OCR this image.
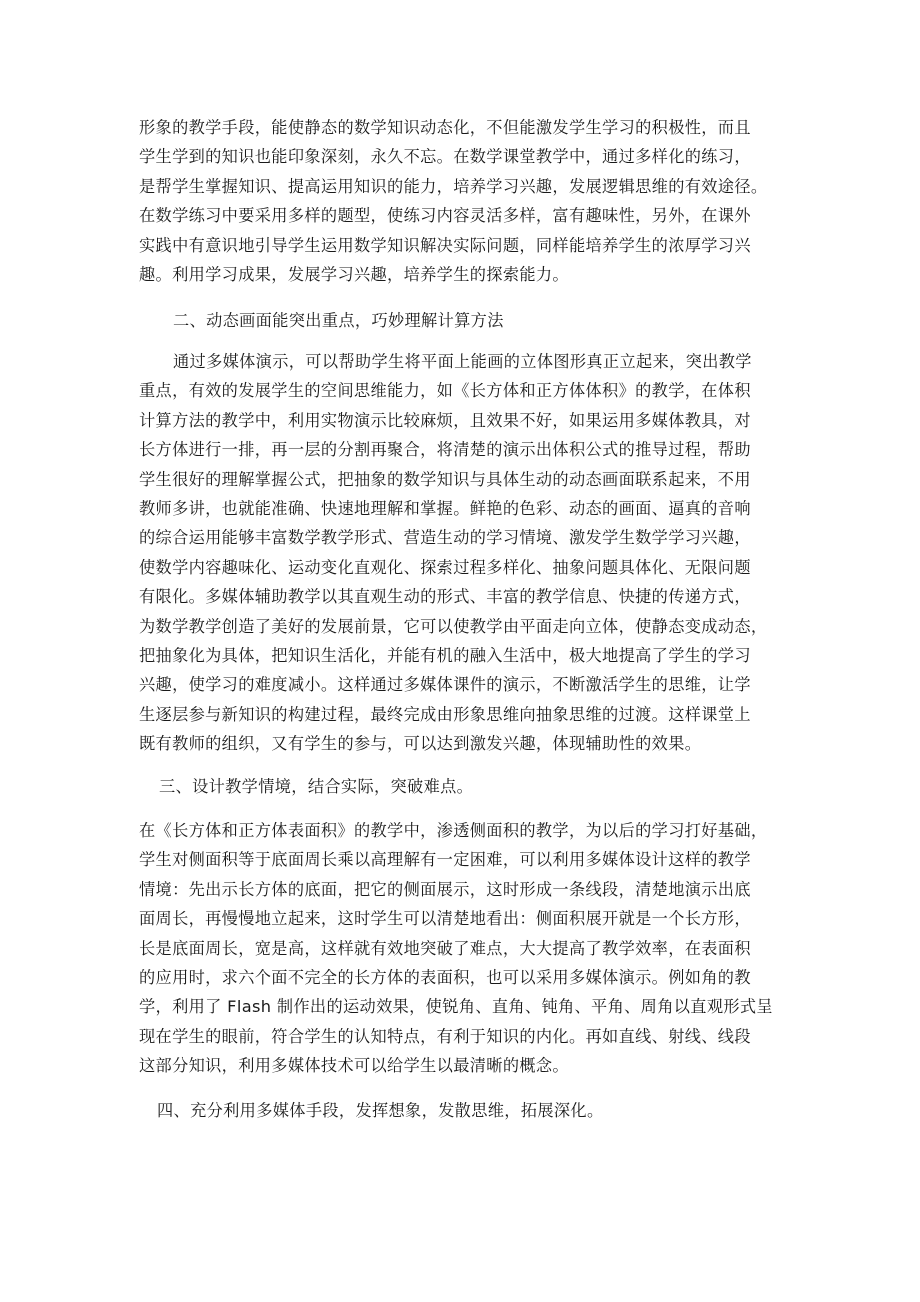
形象的教学手段，能使静态的数学知识动态化，不但能激发学生学习的积极性，而且
学生学到的知识也能印象深刻，永久不忘。在数学课堂教学中，通过多样化的练习，
是帮学生掌握知识、提高运用知识的能力，培养学习兴趣，发展逻辑思维的有效途径。
在数学练习中要采用多样的题型，使练习内容灵活多样，富有趣味性，另外，在课外
实践中有意识地引导学生运用数学知识解决实际问题，同样能培养学生的浓厚学习兴
趣。利用学习成果，发展学习兴趣，培养学生的探索能力。
二、动态画面能突出重点，巧妙理解计算方法
通过多媒体演示，可以帮助学生将平面上能画的立体图形真正立起来，突出教学
重点，有效的发展学生的空间思维能力，如《长方体和正方体体积》的教学，在体积
计算方法的教学中，利用实物演示比较麻烦，且效果不好，如果运用多媒体教具，对
长方体进行一排，再一层的分割再聚合，将清楚的演示出体积公式的推导过程，帮助
学生很好的理解掌握公式，把抽象的数学知识与具体生动的动态画面联系起来，不用
教师多讲，也就能准确、快速地理解和掌握。鲜艳的色彩、动态的画面、逼真的音响
的综合运用能够丰富数学教学形式、营造生动的学习情境、激发学生数学学习兴趣，
使数学内容趣味化、运动变化直观化、探索过程多样化、抽象问题具体化、无限问题
有限化。多媒体辅助教学以其直观生动的形式、丰富的教学信息、快捷的传递方式，
为数学教学创造了美好的发展前景，它可以使教学由平面走向立体，使静态变成动态，
把抽象化为具体，把知识生活化，并能有机的融入生活中，极大地提高了学生的学习
兴趣，使学习的难度减小。这样通过多媒体课件的演示，不断激活学生的思维，让学
生逐层参与新知识的构建过程，最终完成由形象思维向抽象思维的过渡。这样课堂上
既有教师的组织，又有学生的参与，可以达到激发兴趣，体现辅助性的效果。
三、设计教学情境，结合实际，突破难点。
在《长方体和正方体表面积》的教学中，渗透侧面积的教学，为以后的学习打好基础，
学生对侧面积等于底面周长乘以高理解有一定困难，可以利用多媒体设计这样的教学
情境：先出示长方体的底面，把它的侧面展示，这时形成一条线段，清楚地演示出底
面周长，再慢慢地立起来，这时学生可以清楚地看出：侧面积展开就是一个长方形，
长是底面周长，宽是高，这样就有效地突破了难点，大大提高了教学效率，在表面积
的应用时，求六个面不完全的长方体的表面积，也可以采用多媒体演示。例如角的教
学，利用了 Flash 制作出的运动效果，使锐角、直角、钝角、平角、周角以直观形式呈
现在学生的眼前，符合学生的认知特点，有利于知识的内化。再如直线、射线、线段
这部分知识，利用多媒体技术可以给学生以最清晰的概念。
四、充分利用多媒体手段，发挥想象，发散思维，拓展深化。
